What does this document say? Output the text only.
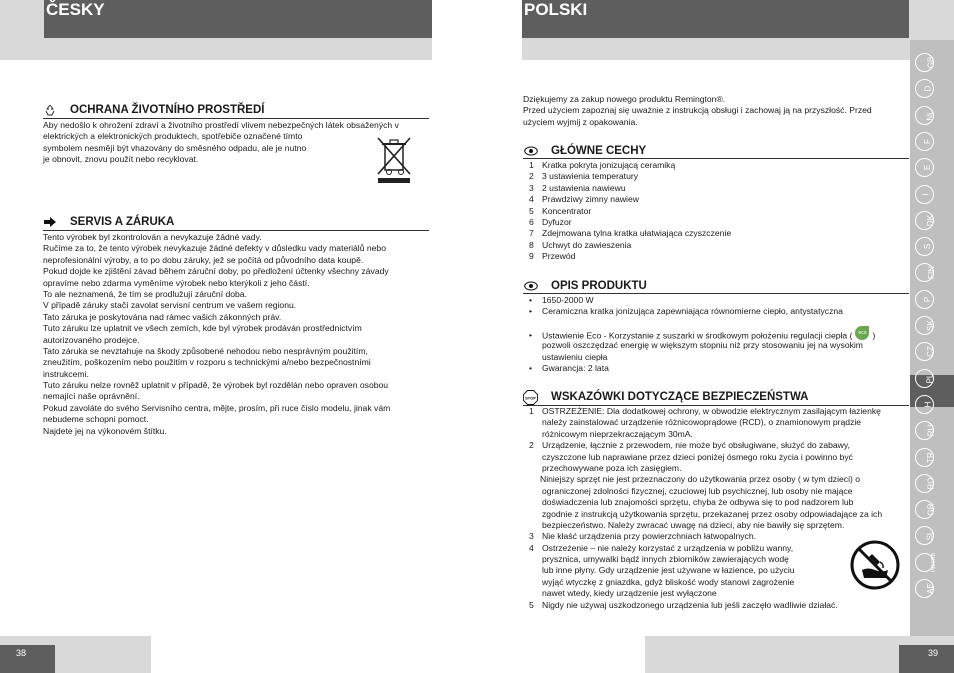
ČESKY
OCHRANA ŽIVOTNÍHO PROSTŘEDÍ
Aby nedošlo k ohrožení zdraví a životního prostředí vlivem nebezpečných látek obsažených v
elektrických a elektronických produktech, spotřebiče označené tímto
symbolem nesmějí být vhazovány do směsného odpadu, ale je nutno
je obnovit, znovu použít nebo recyklovat.
SERVIS A ZÁRUKA
Tento výrobek byl zkontrolován a nevykazuje žádné vady.
Ručíme za to, že tento výrobek nevykazuje žádné defekty v důsledku vady materiálů nebo
neprofesionální výroby, a to po dobu záruky, jež se počítá od původního data koupě.
Pokud dojde ke zjištění závad během záruční doby, po předložení účtenky všechny závady
opravíme nebo zdarma vyměníme výrobek nebo kterýkoli z jeho částí.
To ale neznamená, že tím se prodlužují záruční doba.
V případě záruky stačí zavolat servisní centrum ve vašem regionu.
Tato záruka je poskytována nad rámec vašich zákonných práv.
Tuto záruku lze uplatnit ve všech zemích, kde byl výrobek prodáván prostřednictvím
autorizovaného prodejce.
Tato záruka se nevztahuje na škody způsobené nehodou nebo nesprávným použitím,
zneužitím, poškozením nebo použitím v rozporu s technickými a/nebo bezpečnostními
instrukcemi.
Tuto záruku nelze rovněž uplatnit v případě, že výrobek byl rozdělán nebo opraven osobou
nemající naše oprávnění.
Pokud zavoláte do svého Servisního centra, mějte, prosím, při ruce číslo modelu, jinak vám
nebudeme schopni pomoct.
Najdete jej na výkonovém štítku.
38
POLSKI
Dziękujemy za zakup nowego produktu Remington®.
Przed użyciem zapoznaj się uważnie z instrukcją obsługi i zachowaj ją na przyszłość. Przed
użyciem wyjmij z opakowania.
GŁÓWNE CECHY
1 Kratka pokryta jonizującą ceramiką
2 3 ustawienia temperatury
3 2 ustawienia nawiewu
4 Prawdziwy zimny nawiew
5 Koncentrator
6 Dyfuzor
7 Zdejmowana tylna kratka ułatwiająca czyszczenie
8 Uchwyt do zawieszenia
9 Przewód
OPIS PRODUKTU
• 1650-2000 W
• Ceramiczna kratka jonizująca zapewniająca równomierne ciepło, antystatyczna
• Ustawienie Eco - Korzystanie z suszarki w środkowym położeniu regulacji ciepła ( eco )
pozwoli oszczędzać energię w większym stopniu niż przy stosowaniu jej na wysokim
ustawieniu ciepła
• Gwarancja: 2 lata
STOP WSKAZÓWKI DOTYCZĄCE BEZPIECZEŃSTWA
1 OSTRZEŻENIE: Dla dodatkowej ochrony, w obwodzie elektrycznym zasilającym łazienkę
należy zainstalować urządzenie różnicowoprądowe (RCD), o znamionowym prądzie
różnicowym nieprzekraczającym 30mA.
2 Urządzenie, łącznie z przewodem, nie może być obsługiwane, służyć do zabawy,
czyszczone lub naprawiane przez dzieci poniżej ósmego roku życia i powinno być
przechowywane poza ich zasięgiem.
Niniejszy sprzęt nie jest przeznaczony do użytkowania przez osoby ( w tym dzieci) o
ograniczonej zdolności fizycznej, czuciowej lub psychicznej, lub osoby nie mające
doświadczenia lub znajomości sprzętu, chyba że odbywa się to pod nadzorem lub
zgodnie z instrukcją użytkowania sprzętu, przekazanej przez osoby odpowiadające za ich
bezpieczeństwo. Należy zwracać uwagę na dzieci, aby nie bawiły się sprzętem.
3 Nie kłaść urządzenia przy powierzchniach łatwopalnych.
4 Ostrzeżenie – nie należy korzystać z urządzenia w pobliżu wanny,
prysznica, umywalki bądź innych zbiorników zawierających wodę
lub inne płyny. Gdy urządzenie jest używane w łazience, po użyciu
wyjąć wtyczkę z gniazdka, gdyż bliskość wody stanowi zagrożenie
nawet wtedy, kiedy urządzenie jest wyłączone
5 Nigdy nie używaj uszkodzonego urządzenia lub jeśli zaczęło wadliwie działać.
39
GB
D
NL
F
E
I
DK
S
FIN
P
SK
CZ
PL
H
RU
TR
RO
GR
SL
HR/SRB
AE
